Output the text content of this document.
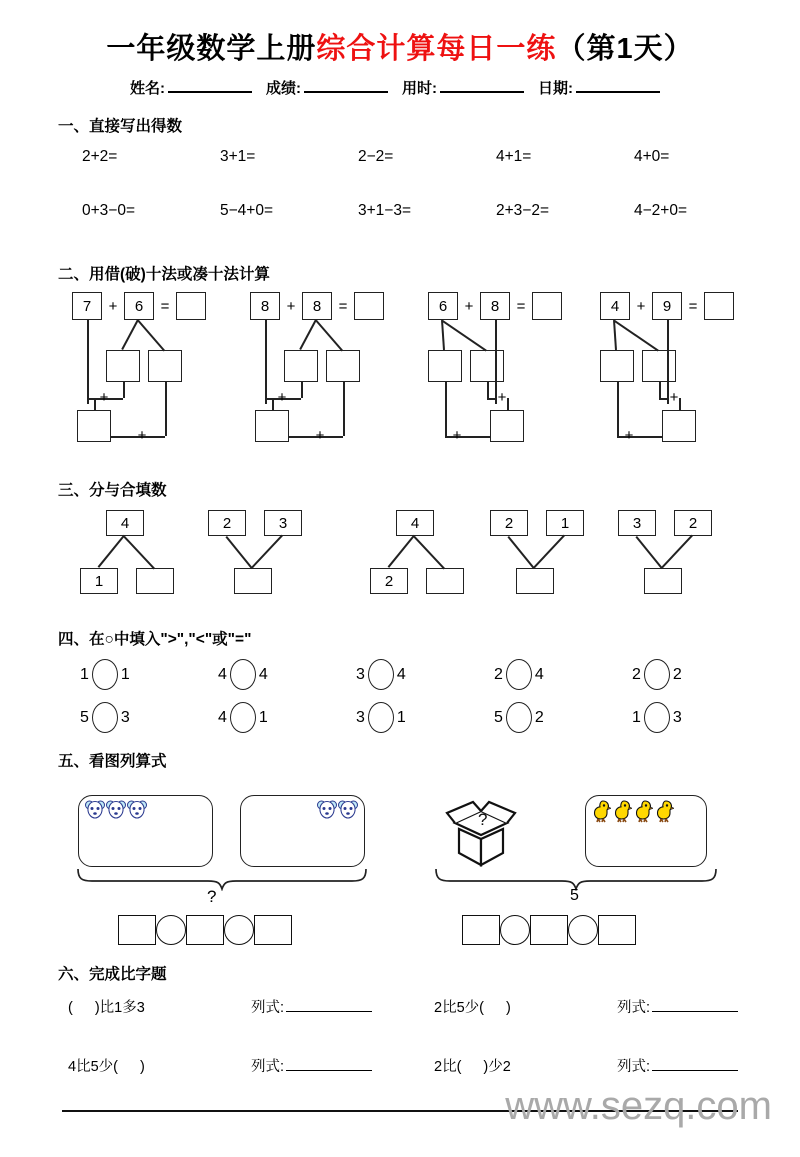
一年级数学上册综合计算每日一练（第1天）
姓名:	成绩:	用时:	日期:
一、直接写出得数
2+2=	3+1=	2−2=	4+1=	4+0=
0+3−0=	5−4+0=	3+1−3=	2+3−2=	4−2+0=
二、用借(破)十法或凑十法计算
7	+	6	=
+
+
8	+	8	=
+
+
6	+	8	=
+
+
4	+	9	=
+
+
三、分与合填数
4
1
2	3	4
2
2	1	3	2
四、在○中填入">","<"或"="
1 1	4 4	3 4	2 4	2 2
5 3	4 1	3 1	5 2	1 3
五、看图列算式
?
?
5
六、完成比字题
( )比1多3	列式:	2比5少( )	列式:
4比5少( )	列式:	2比( )少2	列式:
www.sezq.com
